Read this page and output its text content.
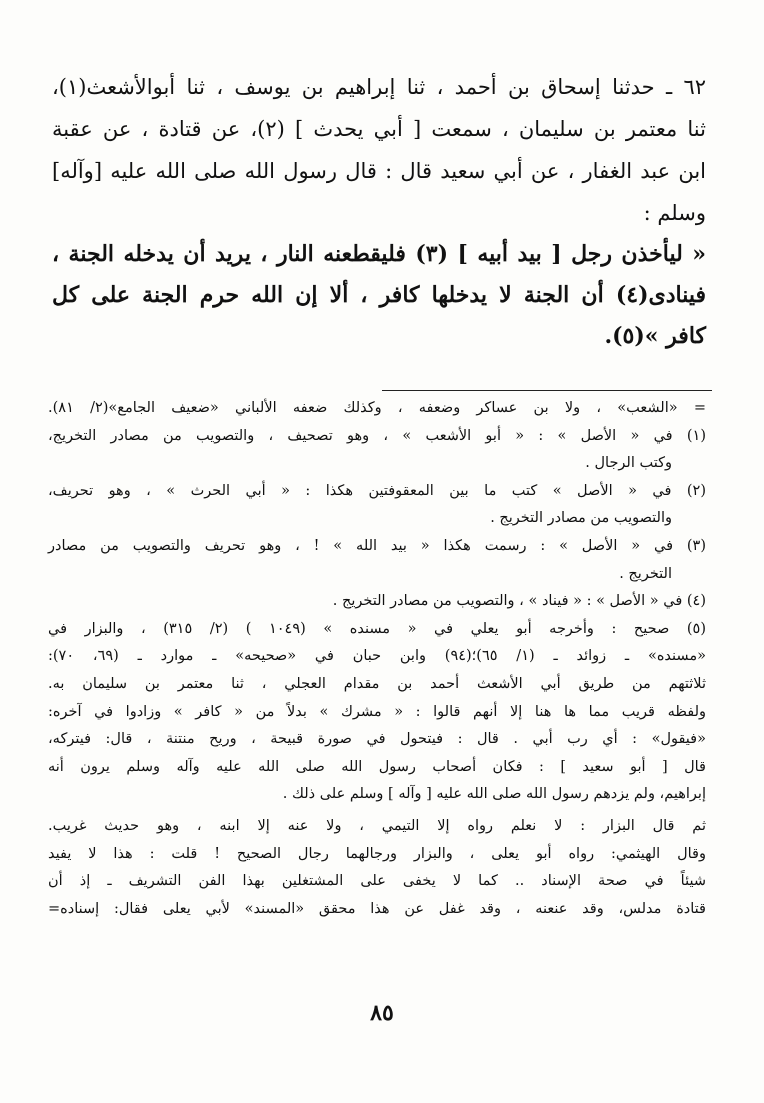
٦٢ ـ حدثنا إسحاق بن أحمد ، ثنا إبراهيم بن يوسف ، ثنا أبوالأشعث(١)،
ثنا معتمر بن سليمان ، سمعت [ أبي يحدث ] (٢)، عن قتادة ، عن عقبة
ابن عبد الغفار ، عن أبي سعيد قال : قال رسول الله صلى الله عليه [وآله]
وسلم :
« ليأخذن رجل [ بيد أبيه ] (٣) فليقطعنه النار ، يريد أن يدخله الجنة ،
فينادى(٤) أن الجنة لا يدخلها كافر ، ألا إن الله حرم الجنة على كل
كافر »(٥).
= «الشعب» ، ولا بن عساكر وضعفه ، وكذلك ضعفه الألباني «ضعيف الجامع»(٢/ ٨١).
(١) في « الأصل » : « أبو الأشعب » ، وهو تصحيف ، والتصويب من مصادر التخريج،
وكتب الرجال .
(٢) في « الأصل » كتب ما بين المعقوفتين هكذا : « أبي الحرث » ، وهو تحريف،
والتصويب من مصادر التخريج .
(٣) في « الأصل » : رسمت هكذا « بيد الله » ! ، وهو تحريف والتصويب من مصادر
التخريج .
(٤) في « الأصل » : « فيناد » ، والتصويب من مصادر التخريج .
(٥) صحيح : وأخرجه أبو يعلي في « مسنده » (١٠٤٩ ) (٢/ ٣١٥) ، والبزار في
«مسنده» ـ زوائد ـ (١/ ٦٥)؛(٩٤) وابن حبان في «صحيحه» ـ موارد ـ (٦٩، ٧٠):
ثلاثتهم من طريق أبي الأشعث أحمد بن مقدام العجلي ، ثنا معتمر بن سليمان به.
ولفظه قريب مما ها هنا إلا أنهم قالوا : « مشرك » بدلاً من « كافر » وزادوا في آخره:
«فيقول» : أي رب أبي . قال : فيتحول في صورة قبيحة ، وريح منتنة ، قال: فيتركه،
قال [ أبو سعيد ] : فكان أصحاب رسول الله صلى الله عليه وآله وسلم يرون أنه
إبراهيم، ولم يزدهم رسول الله صلى الله عليه [ وآله ] وسلم على ذلك .
ثم قال البزار : لا نعلم رواه إلا التيمي ، ولا عنه إلا ابنه ، وهو حديث غريب.
وقال الهيثمي: رواه أبو يعلى ، والبزار ورجالهما رجال الصحيح ! قلت : هذا لا يفيد
شيئاً في صحة الإسناد .. كما لا يخفى على المشتغلين بهذا الفن التشريف ـ إذ أن
قتادة مدلس، وقد عنعنه ، وقد غفل عن هذا محقق «المسند» لأبي يعلى فقال: إسناده=
٨٥
